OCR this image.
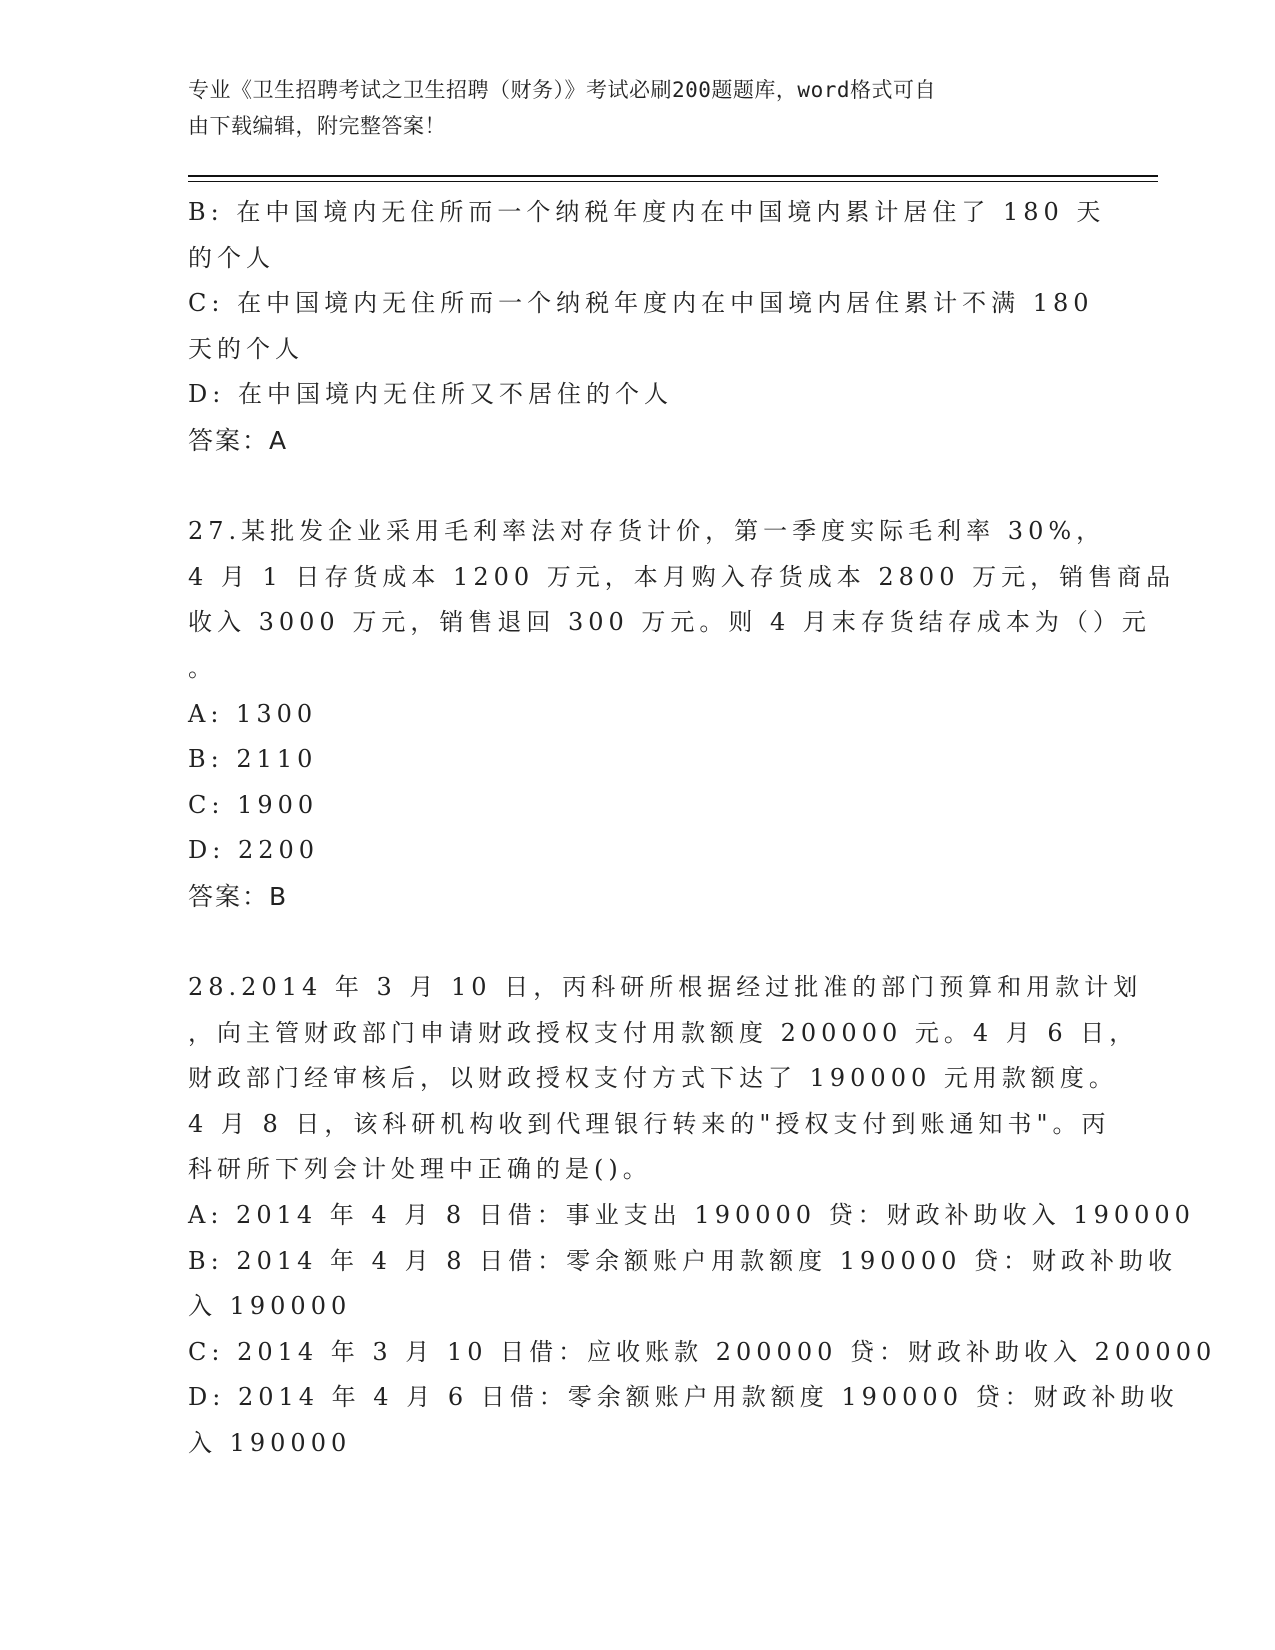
专业《卫生招聘考试之卫生招聘（财务）》考试必刷200题题库，word格式可自
由下载编辑，附完整答案！
B: 在中国境内无住所而一个纳税年度内在中国境内累计居住了 180 天
的个人
C: 在中国境内无住所而一个纳税年度内在中国境内居住累计不满 180
天的个人
D: 在中国境内无住所又不居住的个人
答案：A
27.某批发企业采用毛利率法对存货计价，第一季度实际毛利率 30%，
4 月 1 日存货成本 1200 万元，本月购入存货成本 2800 万元，销售商品
收入 3000 万元，销售退回 300 万元。则 4 月末存货结存成本为（）元
。
A: 1300
B: 2110
C: 1900
D: 2200
答案：B
28.2014 年 3 月 10 日，丙科研所根据经过批准的部门预算和用款计划
，向主管财政部门申请财政授权支付用款额度 200000 元。4 月 6 日，
财政部门经审核后，以财政授权支付方式下达了 190000 元用款额度。
4 月 8 日，该科研机构收到代理银行转来的"授权支付到账通知书"。丙
科研所下列会计处理中正确的是()。
A: 2014 年 4 月 8 日借：事业支出 190000 贷：财政补助收入 190000
B: 2014 年 4 月 8 日借：零余额账户用款额度 190000 贷：财政补助收
入 190000
C: 2014 年 3 月 10 日借：应收账款 200000 贷：财政补助收入 200000
D: 2014 年 4 月 6 日借：零余额账户用款额度 190000 贷：财政补助收
入 190000
